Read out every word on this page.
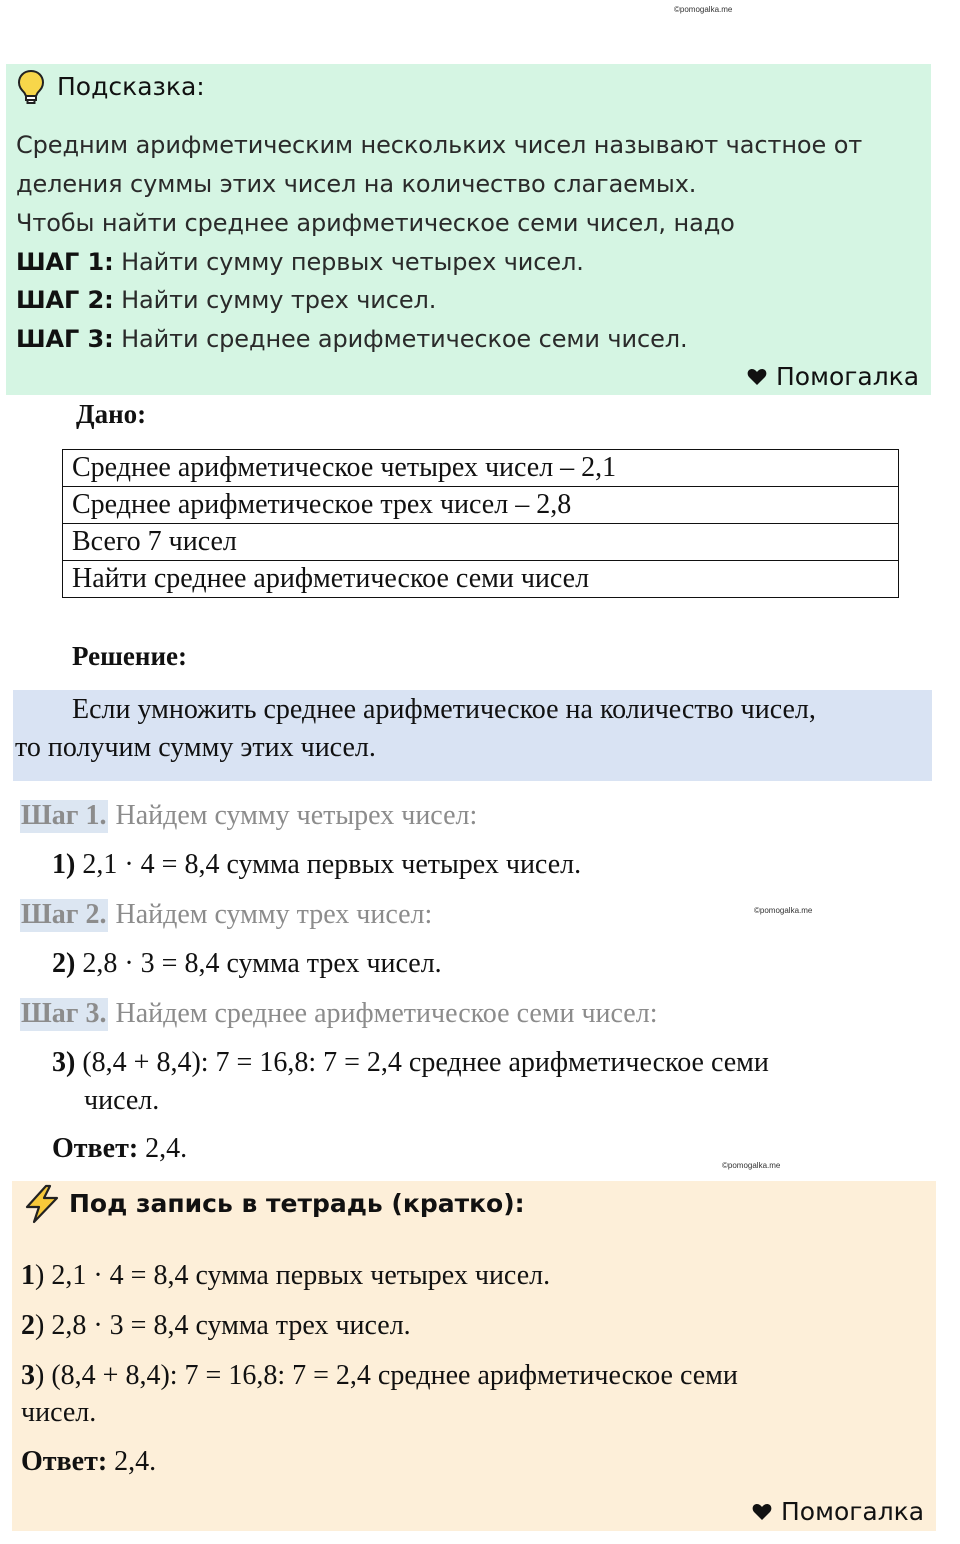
©pomogalka.me
Подсказка:
Средним арифметическим нескольких чисел называют частное от
деления суммы этих чисел на количество слагаемых.
Чтобы найти среднее арифметическое семи чисел, надо
ШАГ 1: Найти сумму первых четырех чисел.
ШАГ 2: Найти сумму трех чисел.
ШАГ 3: Найти среднее арифметическое семи чисел.
Помогалка
Дано:
Среднее арифметическое четырех чисел – 2,1
Среднее арифметическое трех чисел – 2,8
Всего 7 чисел
Найти среднее арифметическое семи чисел
Решение:
Если умножить среднее арифметическое на количество чисел,
то получим сумму этих чисел.
Шаг 1. Найдем сумму четырех чисел:
1) 2,1 · 4 = 8,4 сумма первых четырех чисел.
Шаг 2. Найдем сумму трех чисел:	©pomogalka.me
2) 2,8 · 3 = 8,4 сумма трех чисел.
Шаг 3. Найдем среднее арифметическое семи чисел:
3) (8,4 + 8,4): 7 = 16,8: 7 = 2,4 среднее арифметическое семи
чисел.
Ответ: 2,4.
©pomogalka.me
Под запись в тетрадь (кратко):
1) 2,1 · 4 = 8,4 сумма первых четырех чисел.
2) 2,8 · 3 = 8,4 сумма трех чисел.
3) (8,4 + 8,4): 7 = 16,8: 7 = 2,4 среднее арифметическое семи
чисел.
Ответ: 2,4.
Помогалка
